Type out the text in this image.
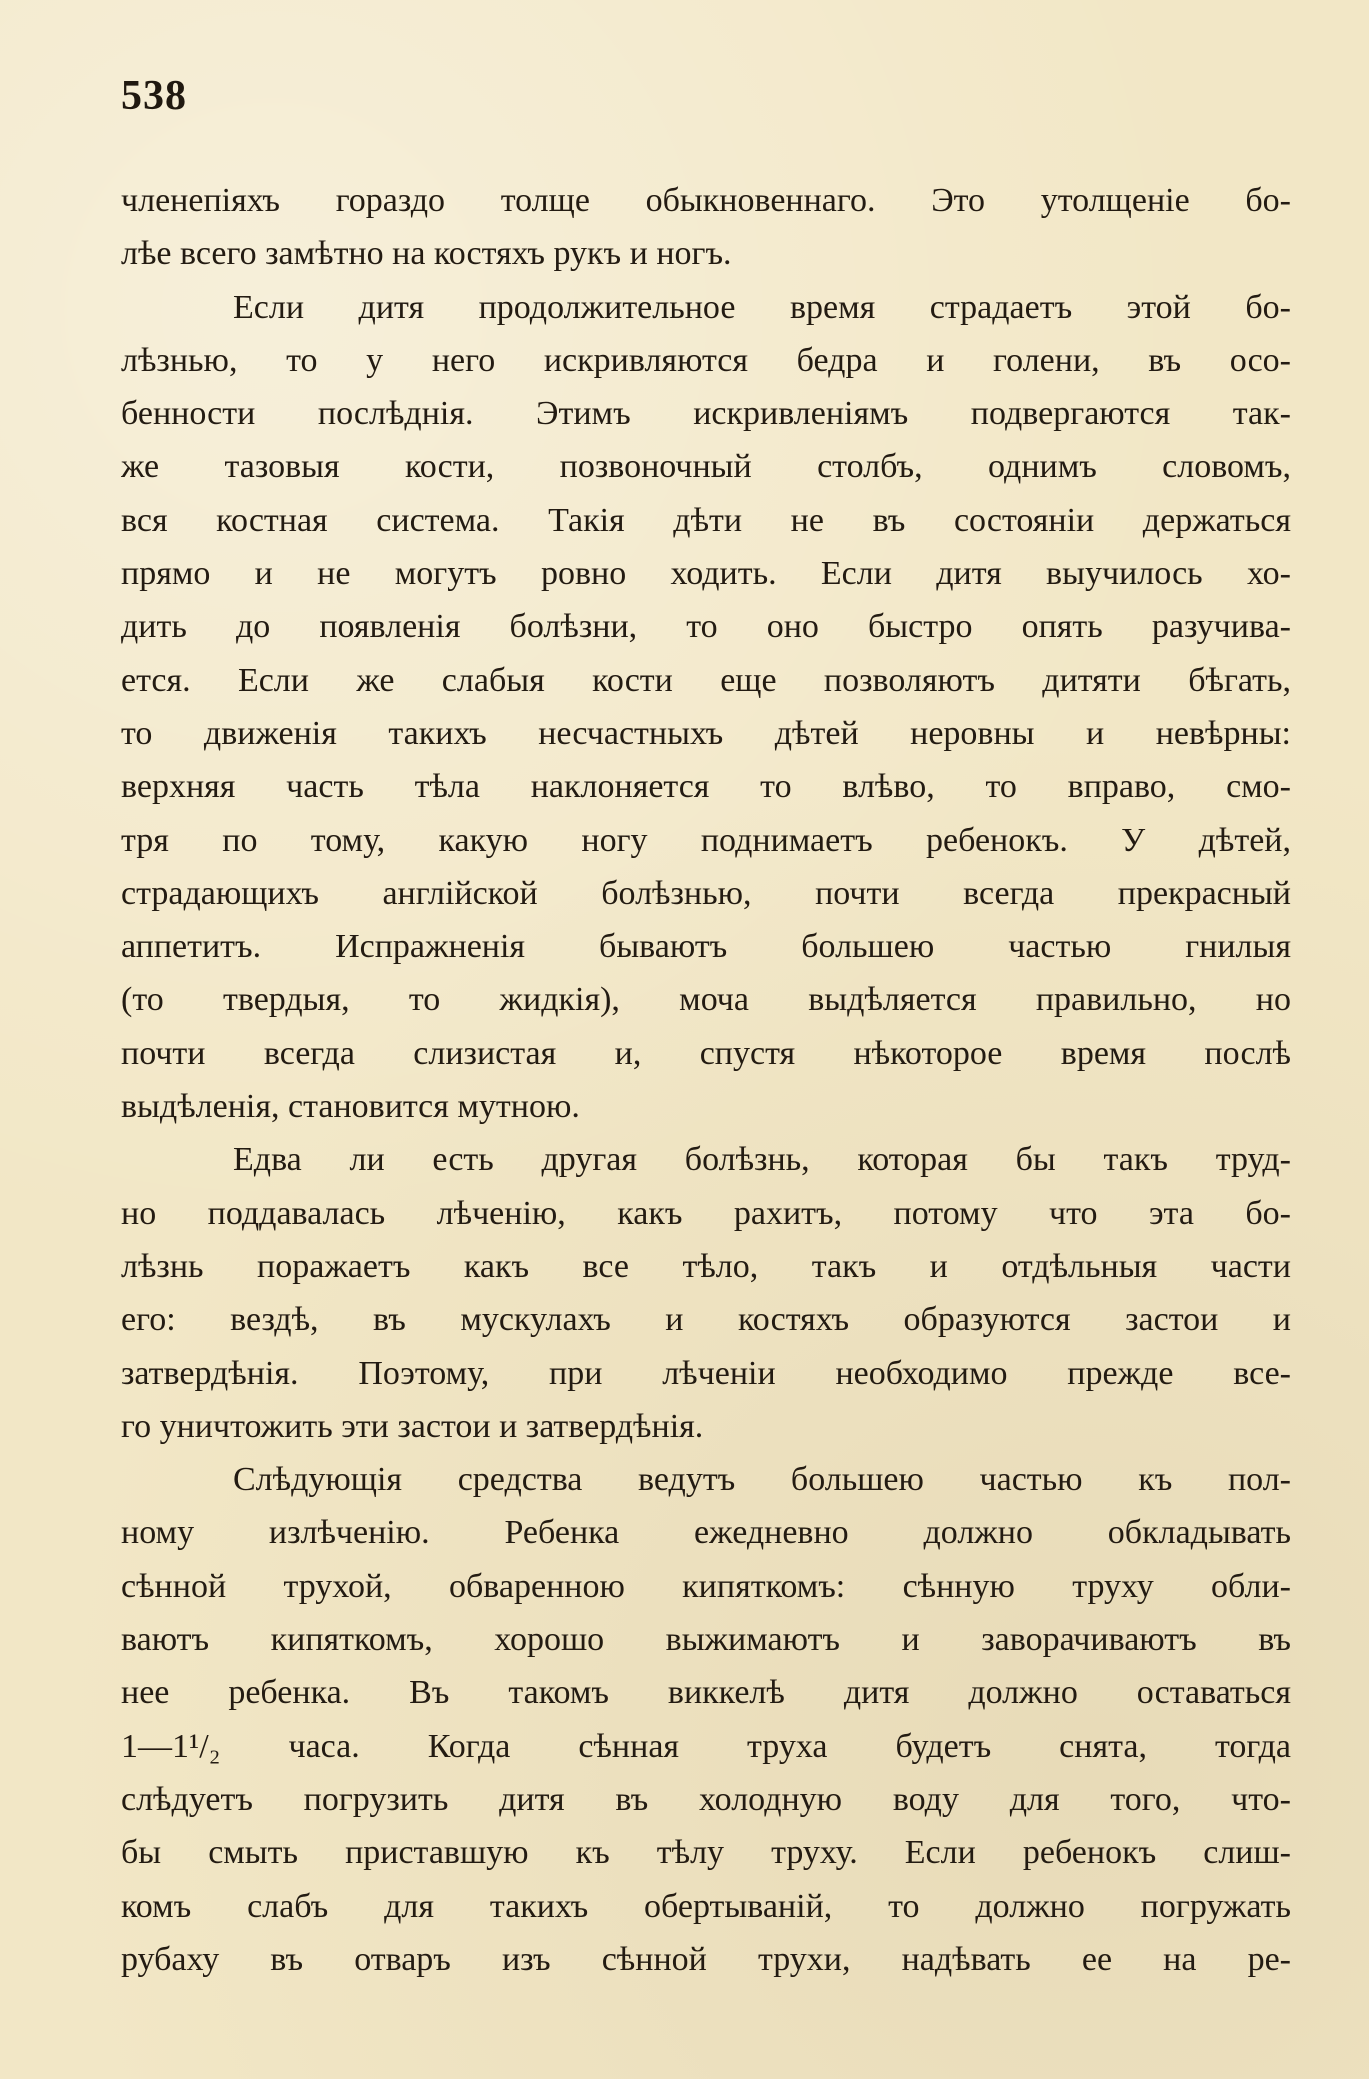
538
членепіяхъ гораздо толще обыкновеннаго. Это утолщеніе бо-
лѣе всего замѣтно на костяхъ рукъ и ногъ.
Если дитя продолжительное время страдаетъ этой бо-
лѣзнью, то у него искривляются бедра и голени, въ осо-
бенности послѣднія. Этимъ искривленіямъ подвергаются так-
же тазовыя кости, позвоночный столбъ, однимъ словомъ,
вся костная система. Такія дѣти не въ состояніи держаться
прямо и не могутъ ровно ходить. Если дитя выучилось хо-
дить до появленія болѣзни, то оно быстро опять разучива-
ется. Если же слабыя кости еще позволяютъ дитяти бѣгать,
то движенія такихъ несчастныхъ дѣтей неровны и невѣрны:
верхняя часть тѣла наклоняется то влѣво, то вправо, смо-
тря по тому, какую ногу поднимаетъ ребенокъ. У дѣтей,
страдающихъ англійской болѣзнью, почти всегда прекрасный
аппетитъ. Испражненія бываютъ большею частью гнилыя
(то твердыя, то жидкія), моча выдѣляется правильно, но
почти всегда слизистая и, спустя нѣкоторое время послѣ
выдѣленія, становится мутною.
Едва ли есть другая болѣзнь, которая бы такъ труд-
но поддавалась лѣченію, какъ рахитъ, потому что эта бо-
лѣзнь поражаетъ какъ все тѣло, такъ и отдѣльныя части
его: вездѣ, въ мускулахъ и костяхъ образуются застои и
затвердѣнія. Поэтому, при лѣченіи необходимо прежде все-
го уничтожить эти застои и затвердѣнія.
Слѣдующія средства ведутъ большею частью къ пол-
ному излѣченію. Ребенка ежедневно должно обкладывать
сѣнной трухой, обваренною кипяткомъ: сѣнную труху обли-
ваютъ кипяткомъ, хорошо выжимаютъ и заворачиваютъ въ
нее ребенка. Въ такомъ виккелѣ дитя должно оставаться
1—1¹/₂ часа. Когда сѣнная труха будетъ снята, тогда
слѣдуетъ погрузить дитя въ холодную воду для того, что-
бы смыть приставшую къ тѣлу труху. Если ребенокъ слиш-
комъ слабъ для такихъ обертываній, то должно погружать
рубаху въ отваръ изъ сѣнной трухи, надѣвать ее на ре-
